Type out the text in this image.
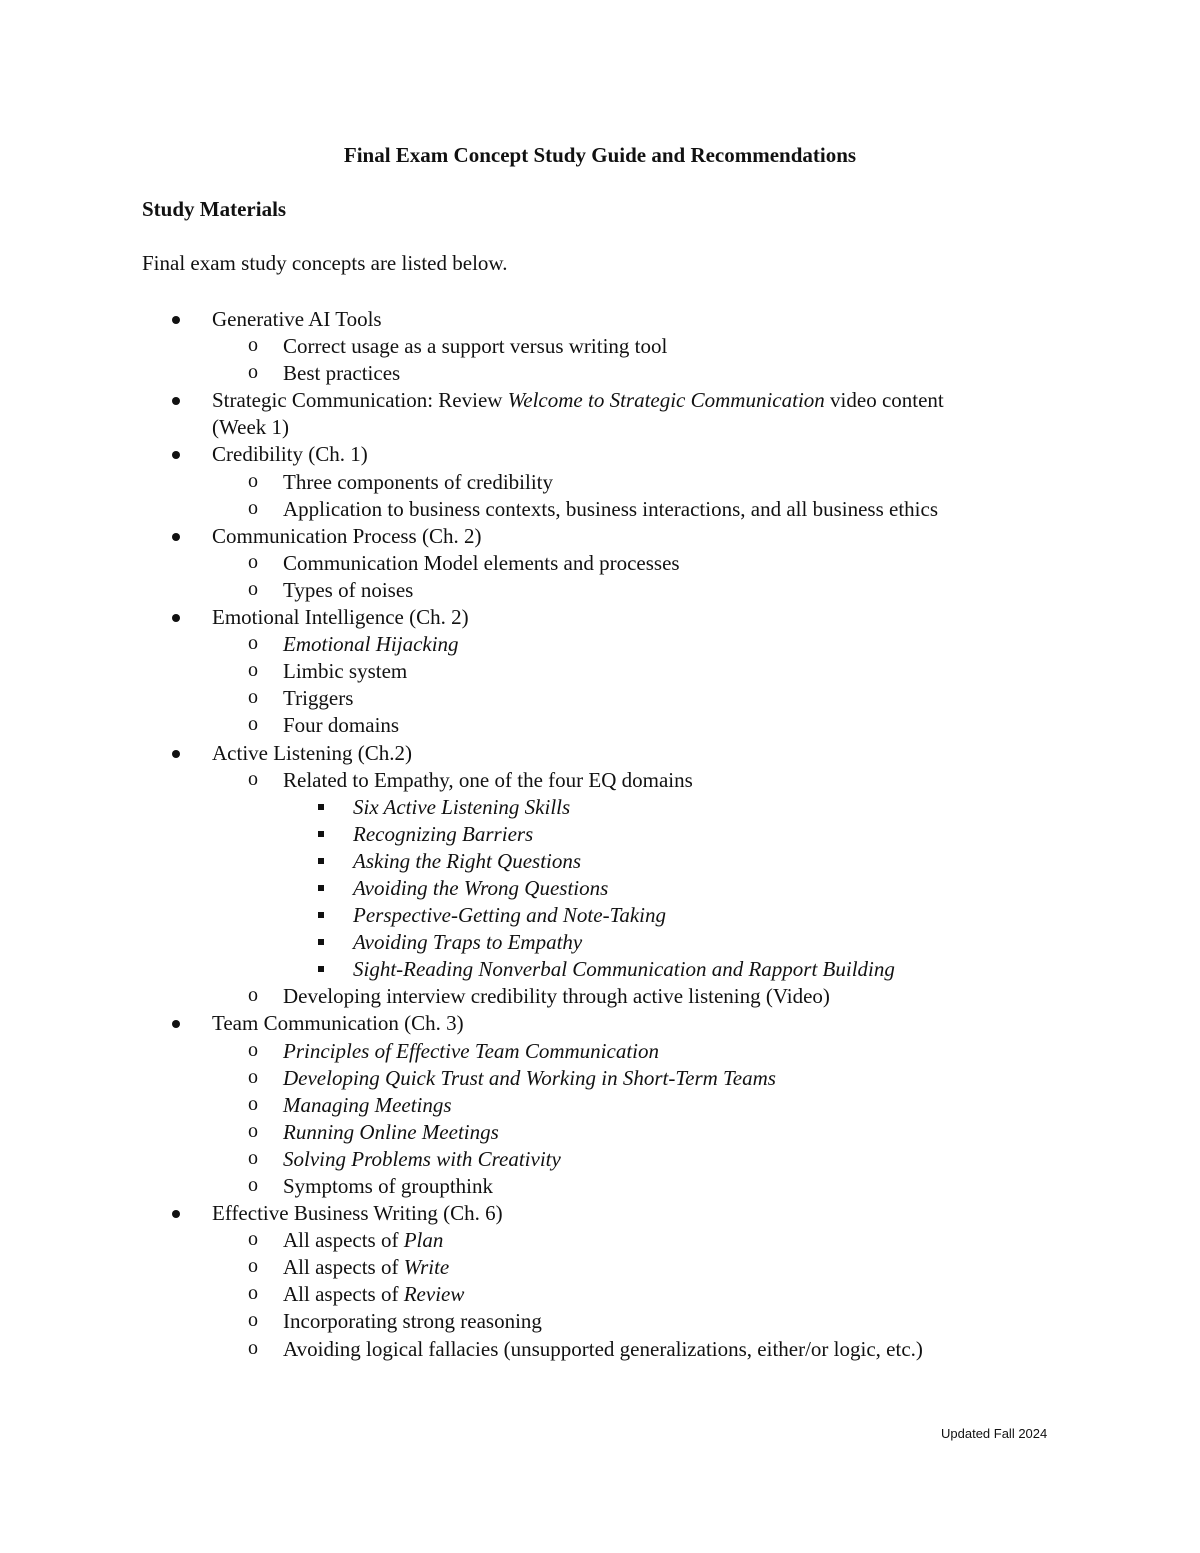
Final Exam Concept Study Guide and Recommendations
Study Materials
Final exam study concepts are listed below.
Generative AI Tools
o Correct usage as a support versus writing tool
o Best practices
Strategic Communication: Review Welcome to Strategic Communication video content
(Week 1)
Credibility (Ch. 1)
o Three components of credibility
o Application to business contexts, business interactions, and all business ethics
Communication Process (Ch. 2)
o Communication Model elements and processes
o Types of noises
Emotional Intelligence (Ch. 2)
o Emotional Hijacking
o Limbic system
o Triggers
o Four domains
Active Listening (Ch.2)
o Related to Empathy, one of the four EQ domains
Six Active Listening Skills
Recognizing Barriers
Asking the Right Questions
Avoiding the Wrong Questions
Perspective-Getting and Note-Taking
Avoiding Traps to Empathy
Sight-Reading Nonverbal Communication and Rapport Building
o Developing interview credibility through active listening (Video)
Team Communication (Ch. 3)
o Principles of Effective Team Communication
o Developing Quick Trust and Working in Short-Term Teams
o Managing Meetings
o Running Online Meetings
o Solving Problems with Creativity
o Symptoms of groupthink
Effective Business Writing (Ch. 6)
o All aspects of Plan
o All aspects of Write
o All aspects of Review
o Incorporating strong reasoning
o Avoiding logical fallacies (unsupported generalizations, either/or logic, etc.)
Updated Fall 2024
